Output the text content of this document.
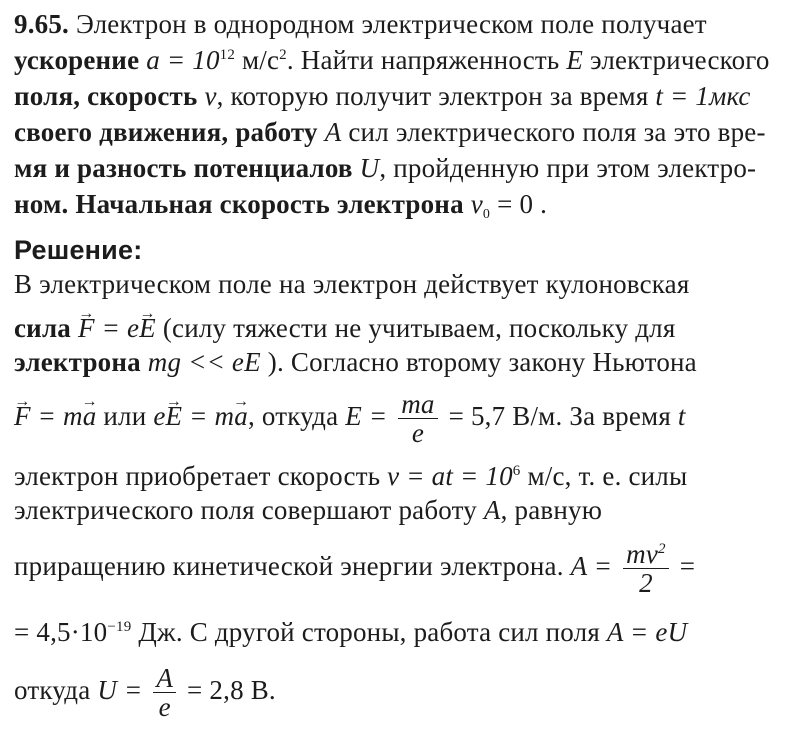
9.65. Электрон в однородном электрическом поле получает
ускорение $a = 10^{12}$ $м/с^2$. Найти напряженность E электрического
поля, скорость v, которую получит электрон за время t = 1мкс
своего движения, работу A сил электрического поля за это вре-
мя и разность потенциалов U, пройденную при этом электро-
ном. Начальная скорость электрона $v_0 = 0$ .
Решение:
В электрическом поле на электрон действует кулоновская
сила → F = e→ E (силу тяжести не учитываем, поскольку для
электрона mg << eE ). Согласно второму закону Ньютона
→ F = m→ a или e→ E = m→ a, откуда $E = \frac{ma}{e} = 5,7$ В/м. За время t
электрон приобретает скорость v = at = $10^6$ м/с, т. е. силы
электрического поля совершают работу A, равную
приращению кинетической энергии электрона. $A = \frac{mv^2}{2}$ =
= $4,5\cdot 10^{-19}$ Дж. С другой стороны, работа сил поля A = eU
откуда $U = \frac{A}{e} = 2,8$ В.
